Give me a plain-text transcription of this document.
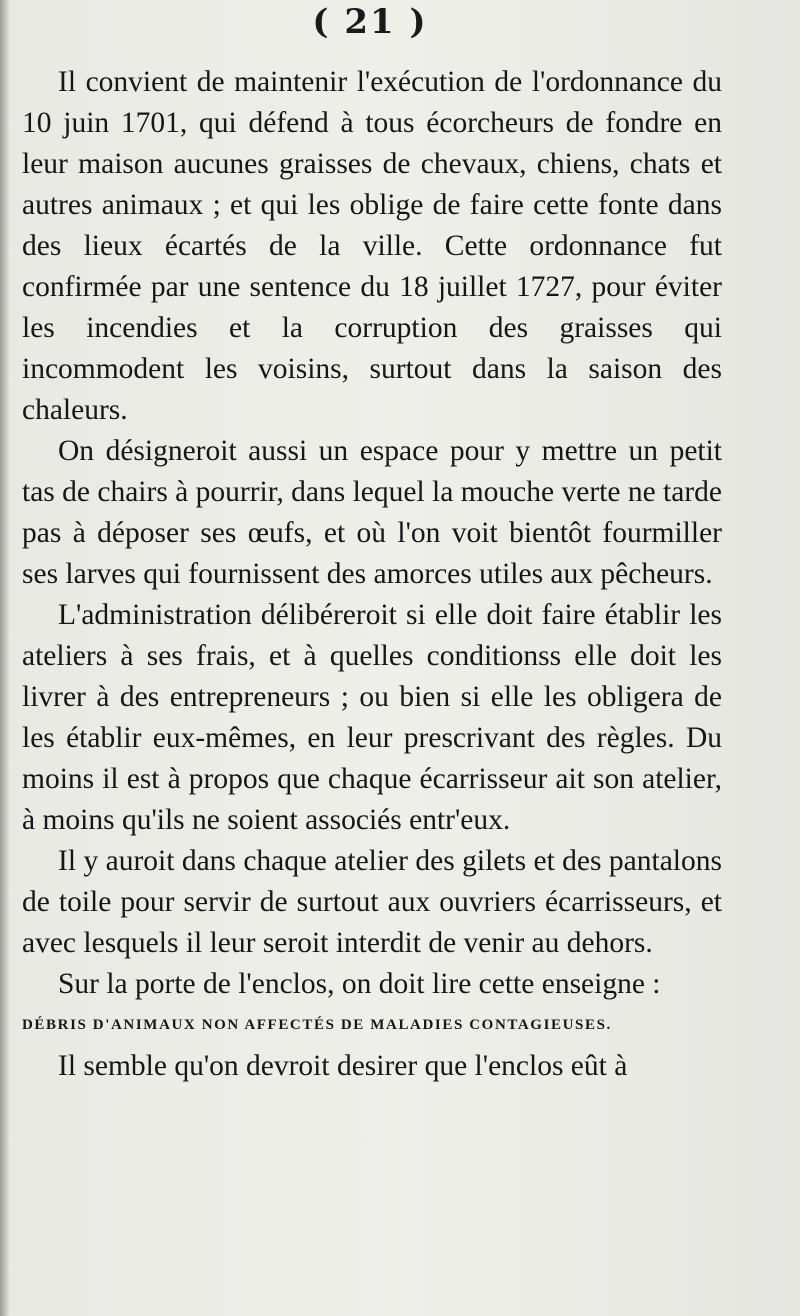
( 21 )

Il convient de maintenir l'exécution de l'ordonnance du 10 juin 1701, qui défend à tous écorcheurs de fondre en leur maison aucunes graisses de chevaux, chiens, chats et autres animaux ; et qui les oblige de faire cette fonte dans des lieux écartés de la ville. Cette ordonnance fut confirmée par une sentence du 18 juillet 1727, pour éviter les incendies et la corruption des graisses qui incommodent les voisins, surtout dans la saison des chaleurs.

On désigneroit aussi un espace pour y mettre un petit tas de chairs à pourrir, dans lequel la mouche verte ne tarde pas à déposer ses œufs, et où l'on voit bientôt fourmiller ses larves qui fournissent des amorces utiles aux pêcheurs.

L'administration délibéreroit si elle doit faire établir les ateliers à ses frais, et à quelles conditionss elle doit les livrer à des entrepreneurs ; ou bien si elle les obligera de les établir eux-mêmes, en leur prescrivant des règles. Du moins il est à propos que chaque écarrisseur ait son atelier, à moins qu'ils ne soient associés entr'eux.

Il y auroit dans chaque atelier des gilets et des pantalons de toile pour servir de surtout aux ouvriers écarrisseurs, et avec lesquels il leur seroit interdit de venir au dehors.

Sur la porte de l'enclos, on doit lire cette enseigne :

DÉBRIS D'ANIMAUX NON AFFECTÉS DE MALADIES CONTAGIEUSES.

Il semble qu'on devroit desirer que l'enclos eût à
